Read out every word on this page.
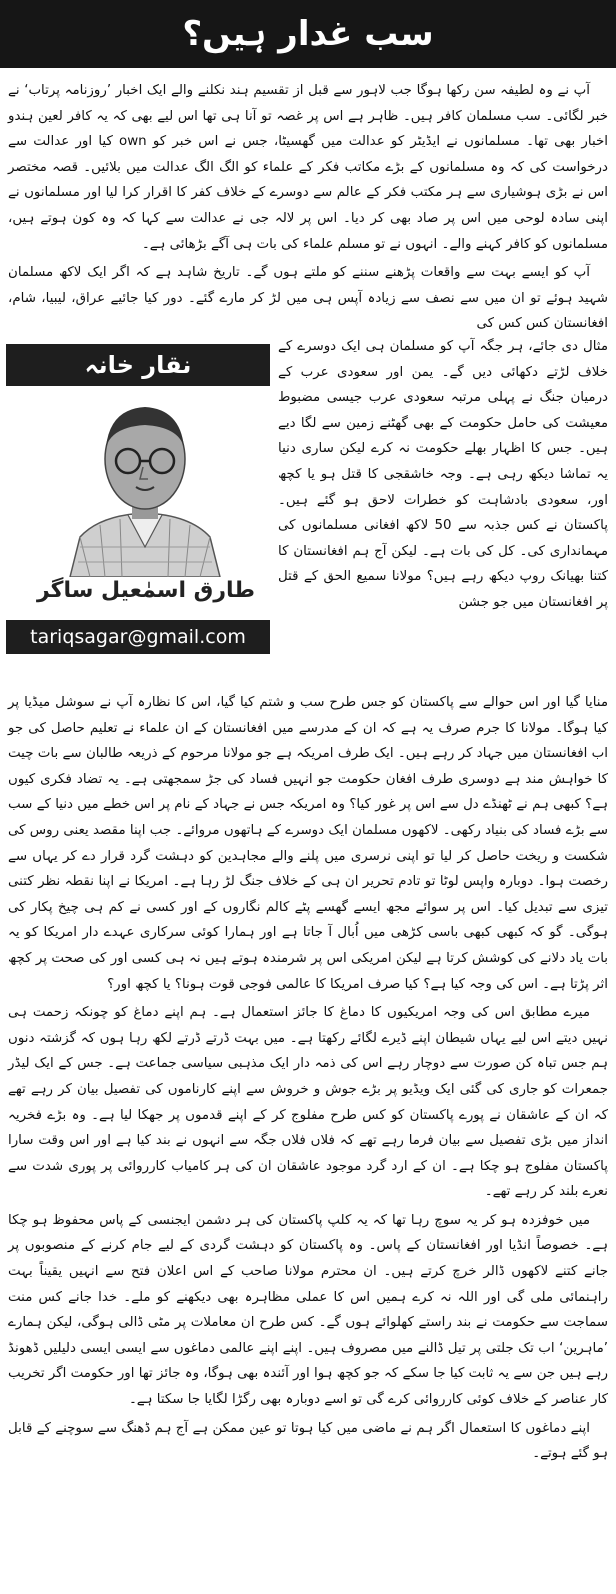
سب غدار ہیں؟

آپ نے وہ لطیفہ سن رکھا ہوگا جب لاہور سے قبل از تقسیم ہند نکلنے والے ایک اخبار ’روزنامہ پرتاب‘ نے خبر لگائی۔ سب مسلمان کافر ہیں۔ ظاہر ہے اس پر غصہ تو آنا ہی تھا اس لیے بھی کہ یہ کافر لعین ہندو اخبار بھی تھا۔ مسلمانوں نے ایڈیٹر کو عدالت میں گھسیٹا، جس نے اس خبر کو own کیا اور عدالت سے درخواست کی کہ وہ مسلمانوں کے بڑے مکاتب فکر کے علماء کو الگ الگ عدالت میں بلائیں۔ قصہ مختصر اس نے بڑی ہوشیاری سے ہر مکتب فکر کے عالم سے دوسرے کے خلاف کفر کا اقرار کرا لیا اور مسلمانوں نے اپنی سادہ لوحی میں اس پر صاد بھی کر دیا۔ اس پر لالہ جی نے عدالت سے کہا کہ وہ کون ہوتے ہیں، مسلمانوں کو کافر کہنے والے۔ انہوں نے تو مسلم علماء کی بات ہی آگے بڑھائی ہے۔

آپ کو ایسے بہت سے واقعات پڑھنے سننے کو ملتے ہوں گے۔ تاریخ شاہد ہے کہ اگر ایک لاکھ مسلمان شہید ہوئے تو ان میں سے نصف سے زیادہ آپس ہی میں لڑ کر مارے گئے۔ دور کیا جائیے عراق، لیبیا، شام، افغانستان کس کس کی

نقار خانہ
طارق اسمٰعیل ساگر
tariqsagar@gmail.com

مثال دی جائے، ہر جگہ آپ کو مسلمان ہی ایک دوسرے کے خلاف لڑتے دکھائی دیں گے۔ یمن اور سعودی عرب کے درمیان جنگ نے پہلی مرتبہ سعودی عرب جیسی مضبوط معیشت کی حامل حکومت کے بھی گھٹنے زمین سے لگا دیے ہیں۔ جس کا اظہار بھلے حکومت نہ کرے لیکن ساری دنیا یہ تماشا دیکھ رہی ہے۔ وجہ خاشقجی کا قتل ہو یا کچھ اور، سعودی بادشاہت کو خطرات لاحق ہو گئے ہیں۔ پاکستان نے کس جذبہ سے 50 لاکھ افغانی مسلمانوں کی مہمانداری کی۔ کل کی بات ہے۔ لیکن آج ہم افغانستان کا کتنا بھیانک روپ دیکھ رہے ہیں؟ مولانا سمیع الحق کے قتل پر افغانستان میں جو جشن

منایا گیا اور اس حوالے سے پاکستان کو جس طرح سب و شتم کیا گیا، اس کا نظارہ آپ نے سوشل میڈیا پر کیا ہوگا۔ مولانا کا جرم صرف یہ ہے کہ ان کے مدرسے میں افغانستان کے ان علماء نے تعلیم حاصل کی جو اب افغانستان میں جہاد کر رہے ہیں۔ ایک طرف امریکہ ہے جو مولانا مرحوم کے ذریعہ طالبان سے بات چیت کا خواہش مند ہے دوسری طرف افغان حکومت جو انہیں فساد کی جڑ سمجھتی ہے۔ یہ تضاد فکری کیوں ہے؟ کبھی ہم نے ٹھنڈے دل سے اس پر غور کیا؟ وہ امریکہ جس نے جہاد کے نام پر اس خطے میں دنیا کے سب سے بڑے فساد کی بنیاد رکھی۔ لاکھوں مسلمان ایک دوسرے کے ہاتھوں مروائے۔ جب اپنا مقصد یعنی روس کی شکست و ریخت حاصل کر لیا تو اپنی نرسری میں پلنے والے مجاہدین کو دہشت گرد قرار دے کر یہاں سے رخصت ہوا۔ دوبارہ واپس لوٹا تو تادم تحریر ان ہی کے خلاف جنگ لڑ رہا ہے۔ امریکا نے اپنا نقطہ نظر کتنی تیزی سے تبدیل کیا۔ اس پر سوائے مجھ ایسے گھسے پٹے کالم نگاروں کے اور کسی نے کم ہی چیخ پکار کی ہوگی۔ گو کہ کبھی کبھی باسی کڑھی میں اُبال آ جاتا ہے اور ہمارا کوئی سرکاری عہدے دار امریکا کو یہ بات یاد دلانے کی کوشش کرتا ہے لیکن امریکی اس پر شرمندہ ہوتے ہیں نہ ہی کسی اور کی صحت پر کچھ اثر پڑتا ہے۔ اس کی وجہ کیا ہے؟ کیا صرف امریکا کا عالمی فوجی قوت ہونا؟ یا کچھ اور؟

میرے مطابق اس کی وجہ امریکیوں کا دماغ کا جائز استعمال ہے۔ ہم اپنے دماغ کو چونکہ زحمت ہی نہیں دیتے اس لیے یہاں شیطان اپنے ڈیرے لگائے رکھتا ہے۔ میں بہت ڈرتے ڈرتے لکھ رہا ہوں کہ گزشتہ دنوں ہم جس تباہ کن صورت سے دوچار رہے اس کی ذمہ دار ایک مذہبی سیاسی جماعت ہے۔ جس کے ایک لیڈر جمعرات کو جاری کی گئی ایک ویڈیو پر بڑے جوش و خروش سے اپنے کارناموں کی تفصیل بیان کر رہے تھے کہ ان کے عاشقان نے پورے پاکستان کو کس طرح مفلوج کر کے اپنے قدموں پر جھکا لیا ہے۔ وہ بڑے فخریہ انداز میں بڑی تفصیل سے بیان فرما رہے تھے کہ فلاں فلاں جگہ سے انہوں نے بند کیا ہے اور اس وقت سارا پاکستان مفلوج ہو چکا ہے۔ ان کے ارد گرد موجود عاشقان ان کی ہر کامیاب کارروائی پر پوری شدت سے نعرے بلند کر رہے تھے۔

میں خوفزدہ ہو کر یہ سوچ رہا تھا کہ یہ کلپ پاکستان کی ہر دشمن ایجنسی کے پاس محفوظ ہو چکا ہے۔ خصوصاً انڈیا اور افغانستان کے پاس۔ وہ پاکستان کو دہشت گردی کے لیے جام کرنے کے منصوبوں پر جانے کتنے لاکھوں ڈالر خرچ کرتے ہیں۔ ان محترم مولانا صاحب کے اس اعلان فتح سے انہیں یقیناً بہت راہنمائی ملی گی اور اللہ نہ کرے ہمیں اس کا عملی مظاہرہ بھی دیکھنے کو ملے۔ خدا جانے کس منت سماجت سے حکومت نے بند راستے کھلوائے ہوں گے۔ کس طرح ان معاملات پر مٹی ڈالی ہوگی، لیکن ہمارے ’ماہرین‘ اب تک جلتی پر تیل ڈالنے میں مصروف ہیں۔ اپنے اپنے عالمی دماغوں سے ایسی ایسی دلیلیں ڈھونڈ رہے ہیں جن سے یہ ثابت کیا جا سکے کہ جو کچھ ہوا اور آئندہ بھی ہوگا، وہ جائز تھا اور حکومت اگر تخریب کار عناصر کے خلاف کوئی کارروائی کرے گی تو اسے دوبارہ بھی رگڑا لگایا جا سکتا ہے۔

اپنے دماغوں کا استعمال اگر ہم نے ماضی میں کیا ہوتا تو عین ممکن ہے آج ہم ڈھنگ سے سوچنے کے قابل ہو گئے ہوتے۔
